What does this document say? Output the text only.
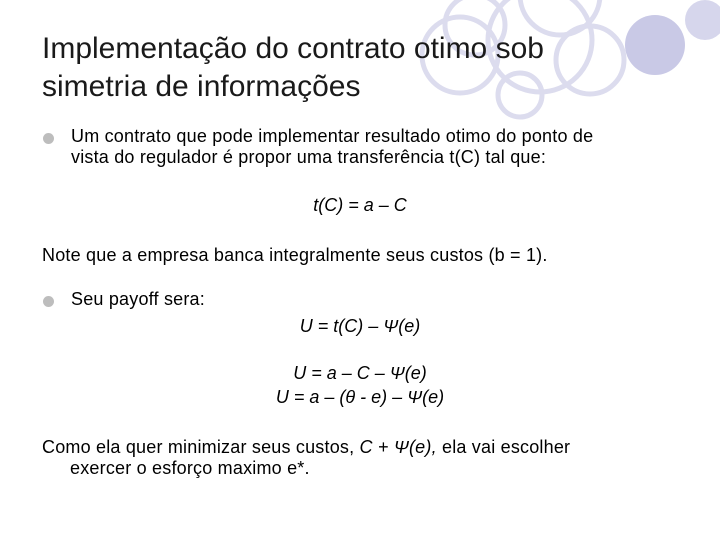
Implementação do contrato otimo sob
simetria de informações
Um contrato que pode implementar resultado otimo do ponto de
vista do regulador é propor uma transferência t(C) tal que:
t(C) = a – C
Note que a empresa banca integralmente seus custos (b = 1).
Seu payoff sera:
U = t(C) – Ψ(e)
U = a – C – Ψ(e)
U = a – (θ - e) – Ψ(e)
Como ela quer minimizar seus custos, C + Ψ(e), ela vai escolher
exercer o esforço maximo e*.
